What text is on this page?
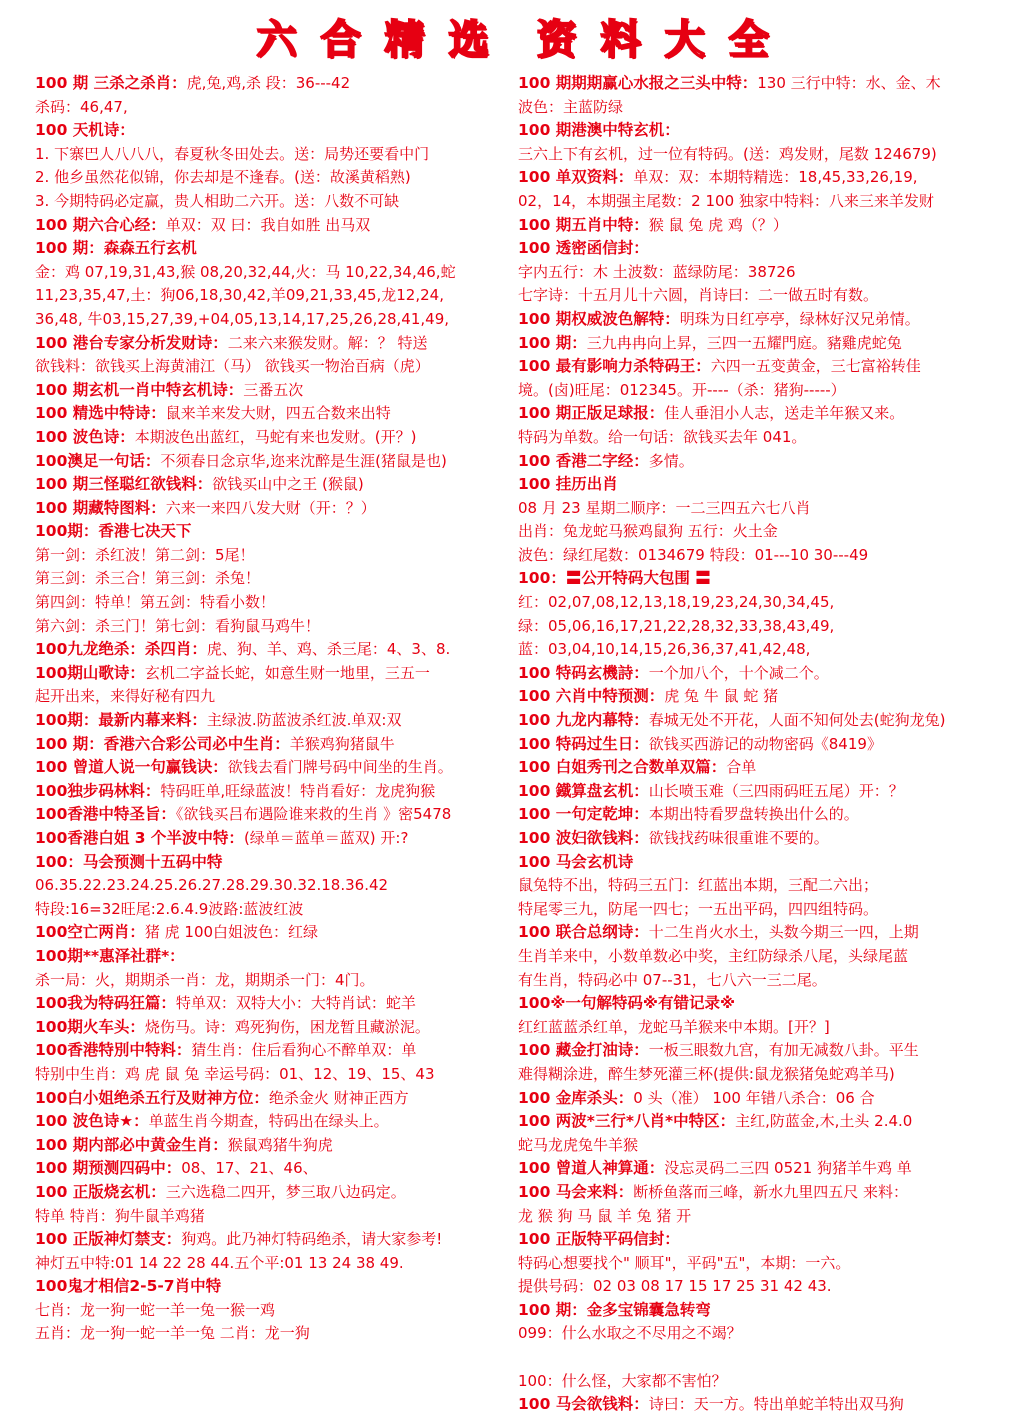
六 合 精 选 资 料 大 全
100 期 三杀之杀肖：虎,兔,鸡,杀 段：36---42
杀码：46,47,
100 天机诗：
1. 下寨巴人八八八，春夏秋冬田处去。送：局势还要看中门
2. 他乡虽然花似锦，你去却是不逢春。(送：故溪黄稻熟)
3. 今期特码必定赢，贵人相助二六开。送：八数不可缺
100 期六合心经：单双：双 曰：我自如胜 出马双
100 期：森森五行玄机
金：鸡 07,19,31,43,猴 08,20,32,44,火：马 10,22,34,46,蛇
11,23,35,47,土：狗06,18,30,42,羊09,21,33,45,龙12,24,
36,48, 牛03,15,27,39,+04,05,13,14,17,25,26,28,41,49,
100 港台专家分析发财诗：二来六来猴发财。解：？ 特送
欲钱料：欲钱买上海黄浦江（马） 欲钱买一物治百病（虎）
100 期玄机一肖中特玄机诗：三番五次
100 精选中特诗：鼠来羊来发大财，四五合数来出特
100 波色诗：本期波色出蓝红，马蛇有来也发财。(开？)
100澳足一句话：不须春日念京华,迩来沈醉是生涯(猪鼠是也)
100 期三怪聪红欲钱料：欲钱买山中之王 (猴鼠)
100 期藏特图料：六来一来四八发大财（开：？）
100期：香港七决天下
第一剑：杀红波！第二剑：5尾！
第三剑：杀三合！第三剑：杀兔！
第四剑：特单！第五剑：特看小数！
第六剑：杀三门！第七剑：看狗鼠马鸡牛！
100九龙绝杀：杀四肖：虎、狗、羊、鸡、杀三尾：4、3、8.
100期山歌诗：玄机二字益长蛇，如意生财一地里，三五一
起开出来，来得好秘有四九
100期：最新内幕来料：主绿波.防蓝波杀红波.单双:双
100 期：香港六合彩公司必中生肖：羊猴鸡狗猪鼠牛
100 曾道人说一句赢钱诀：欲钱去看门牌号码中间坐的生肖。
100独步码林料：特码旺单,旺绿蓝波！特肖看好：龙虎狗猴
100香港中特圣旨：《欲钱买吕布遇险谁来救的生肖 》密5478
100香港白姐 3 个半波中特：(绿单＝蓝单＝蓝双) 开:?
100：马会预测十五码中特
06.35.22.23.24.25.26.27.28.29.30.32.18.36.42
特段:16=32旺尾:2.6.4.9波路:蓝波红波
100空亡两肖：猪 虎 100白姐波色：红绿
100期**惠泽社群*：
杀一局：火，期期杀一肖：龙，期期杀一门：4门。
100我为特码狂篇：特单双：双特大小：大特肖试：蛇羊
100期火车头：烧伤马。诗：鸡死狗伤，困龙暂且藏淤泥。
100香港特別中特料：猜生肖：住后看狗心不醉单双：单
特别中生肖：鸡 虎 鼠 兔 幸运号码：01、12、19、15、43
100白小姐绝杀五行及财神方位：绝杀金火 财神正西方
100 波色诗★：单蓝生肖今期查，特码出在绿头上。
100 期内部必中黄金生肖：猴鼠鸡猪牛狗虎
100 期预测四码中：08、17、21、46、
100 正版烧玄机：三六选稳二四开，梦三取八边码定。
特单 特肖：狗牛鼠羊鸡猪
100 正版神灯禁支：狗鸡。此乃神灯特码绝杀，请大家参考!
神灯五中特:01 14 22 28 44.五个平:01 13 24 38 49.
100鬼才相信2-5-7肖中特
七肖：龙一狗一蛇一羊一兔一猴一鸡
五肖：龙一狗一蛇一羊一兔 二肖：龙一狗
100 期期期赢心水报之三头中特：130 三行中特：水、金、木
波色：主蓝防绿
100 期港澳中特玄机：
三六上下有玄机，过一位有特码。(送：鸡发财，尾数 124679)
100 单双资料：单双：双：本期特精选：18,45,33,26,19,
02，14，本期强主尾数：2 100 独家中特料：八来三来羊发财
100 期五肖中特：猴 鼠 兔 虎 鸡（？）
100 透密函信封：
字内五行：木 土波数：蓝绿防尾：38726
七字诗：十五月儿十六圆，肖诗曰：二一做五时有数。
100 期权威波色解特：明珠为日红亭亭，绿林好汉兄弟情。
100 期：三九冉冉向上昇，三四一五耀門庭。豬雞虎蛇兔
100 最有影响力杀特码王：六四一五变黄金，三七富裕转佳
境。(卤)旺尾：012345。开----（杀：猪狗-----）
100 期正版足球报：佳人垂泪小人志，送走羊年猴又来。
特码为单数。给一句话：欲钱买去年 041。
100 香港二字经：多情。
100 挂历出肖
08 月 23 星期二顺序：一二三四五六七八肖
出肖：兔龙蛇马猴鸡鼠狗 五行：火土金
波色：绿红尾数：0134679 特段：01---10 30---49
100：〓公开特码大包围 〓
红：02,07,08,12,13,18,19,23,24,30,34,45,
绿：05,06,16,17,21,22,28,32,33,38,43,49,
蓝：03,04,10,14,15,26,36,37,41,42,48,
100 特码玄機詩：一个加八个，十个减二个。
100 六肖中特预测：虎 兔 牛 鼠 蛇 猪
100 九龙内幕特：春城无处不开花，人面不知何处去(蛇狗龙兔)
100 特码过生日：欲钱买西游记的动物密码《8419》
100 白姐秀刊之合数单双篇：合单
100 鐵算盘玄机：山长喷玉难（三四雨码旺五尾）开：？
100 一句定乾坤：本期出特看罗盘转换出什么的。
100 波妇欲钱料：欲钱找药味很重谁不要的。
100 马会玄机诗
鼠兔特不出，特码三五门：红蓝出本期，三配二六出；
特尾零三九，防尾一四七；一五出平码，四四组特码。
100 联合总纲诗：十二生肖火水土，头数今期三一四，上期
生肖羊来中，小数单数必中奖，主红防绿杀八尾，头绿尾蓝
有生肖，特码必中 07--31，七八六一三二尾。
100※一句解特码※有错记录※
红红蓝蓝杀红单，龙蛇马羊猴来中本期。[开？]
100 藏金打油诗：一板三眼数九宫，有加无减数八卦。平生
难得糊涂进，醉生梦死灌三杯(提供:鼠龙猴猪兔蛇鸡羊马)
100 金库杀头：0 头（准） 100 年错八杀合：06 合
100 两波*三行*八肖*中特区：主红,防蓝金,木,土头 2.4.0
蛇马龙虎兔牛羊猴
100 曾道人神算通：没忘灵码二三四 0521 狗猪羊牛鸡 单
100 马会来料：断桥鱼落而三峰，新水九里四五尺 来料：
龙 猴 狗 马 鼠 羊 兔 猪 开
100 正版特平码信封：
特码心想要找个" 顺耳"，平码"五"，本期：一六。
提供号码：02 03 08 17 15 17 25 31 42 43.
100 期：金多宝锦囊急转弯
099：什么水取之不尽用之不竭？
100：什么怪，大家都不害怕？
100 马会欲钱料：诗曰：天一方。特出单蛇羊特出双马狗
